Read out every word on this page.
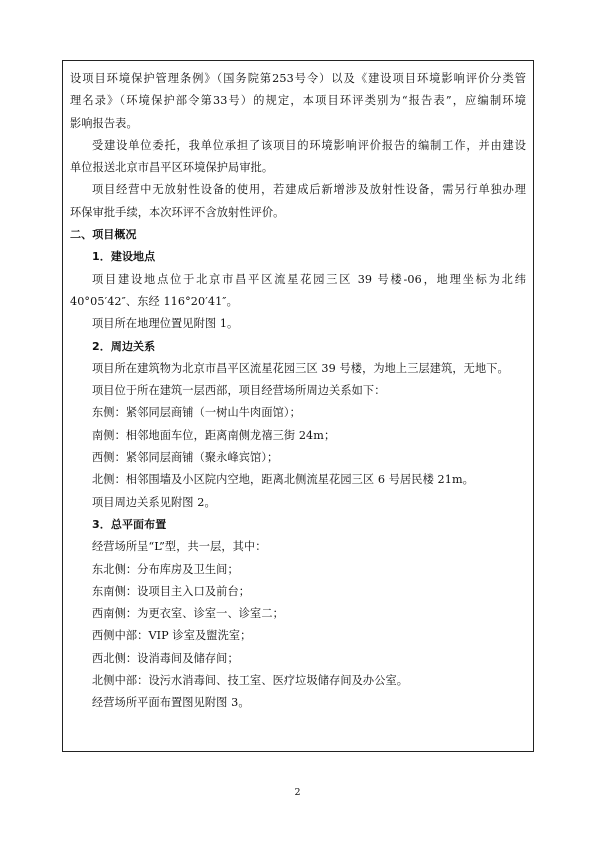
设项目环境保护管理条例》（国务院第253号令）以及《建设项目环境影响评价分类管
理名录》（环境保护部令第33号）的规定，本项目环评类别为“报告表”，应编制环境
影响报告表。
受建设单位委托，我单位承担了该项目的环境影响评价报告的编制工作，并由建设
单位报送北京市昌平区环境保护局审批。
项目经营中无放射性设备的使用，若建成后新增涉及放射性设备，需另行单独办理
环保审批手续，本次环评不含放射性评价。
二、项目概况
1．建设地点
项目建设地点位于北京市昌平区流星花园三区 39 号楼-06，地理坐标为北纬
40°05′42″、东经 116°20′41″。
项目所在地理位置见附图 1。
2．周边关系
项目所在建筑物为北京市昌平区流星花园三区 39 号楼，为地上三层建筑，无地下。
项目位于所在建筑一层西部，项目经营场所周边关系如下：
东侧：紧邻同层商铺（一树山牛肉面馆）；
南侧：相邻地面车位，距离南侧龙禧三街 24m；
西侧：紧邻同层商铺（聚永峰宾馆）；
北侧：相邻围墙及小区院内空地，距离北侧流星花园三区 6 号居民楼 21m。
项目周边关系见附图 2。
3．总平面布置
经营场所呈“L”型，共一层，其中：
东北侧：分布库房及卫生间；
东南侧：设项目主入口及前台；
西南侧：为更衣室、诊室一、诊室二；
西侧中部：VIP 诊室及盥洗室；
西北侧：设消毒间及储存间；
北侧中部：设污水消毒间、技工室、医疗垃圾储存间及办公室。
经营场所平面布置图见附图 3。
2
